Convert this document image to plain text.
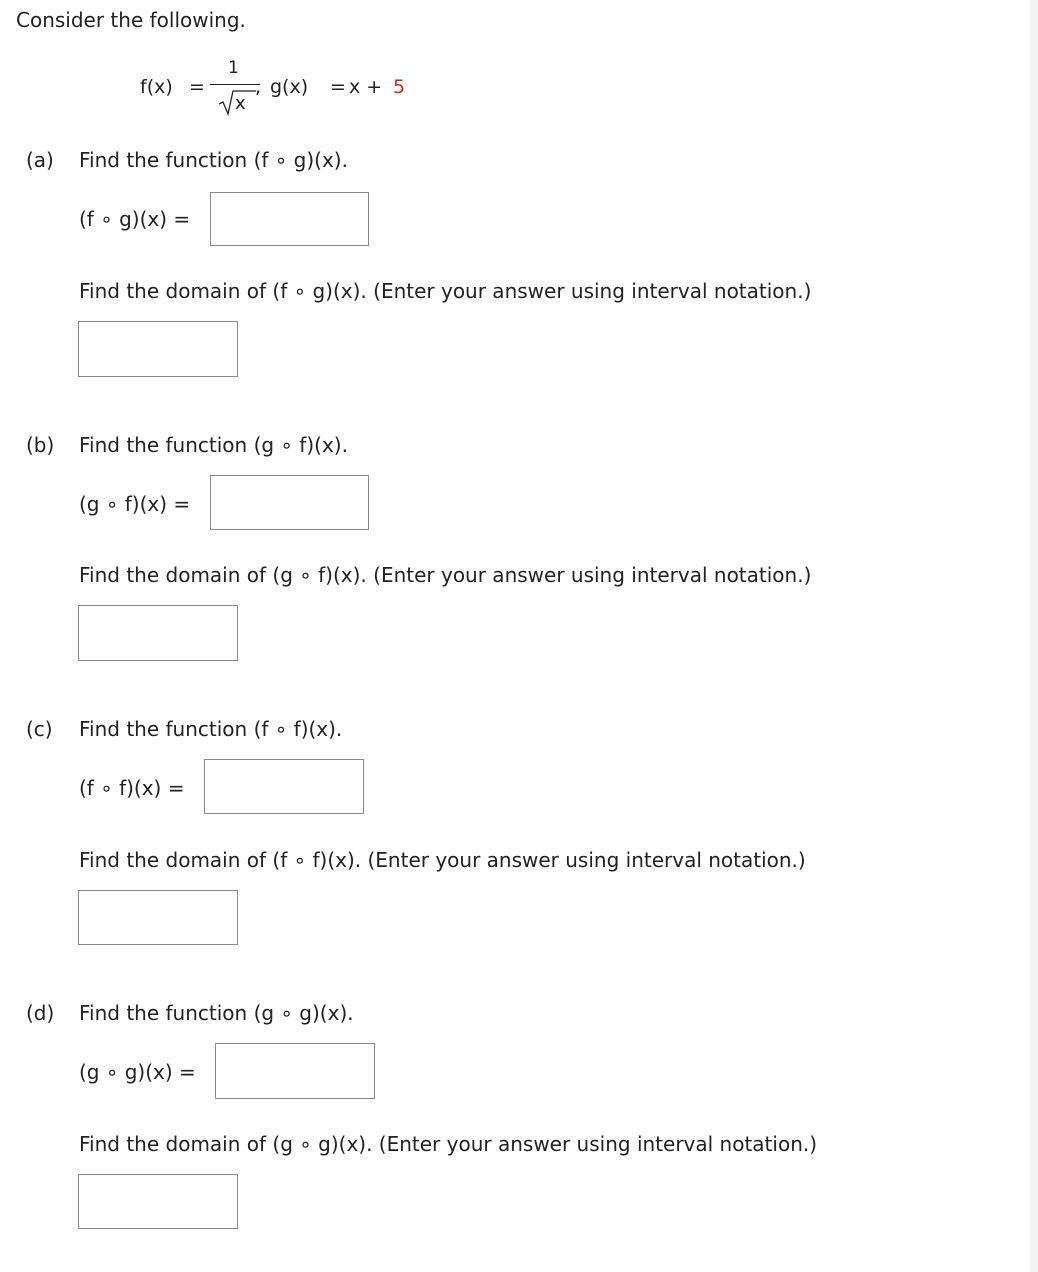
Consider the following.
f(x) =
1
x
, g(x) = x + 5
(a) Find the function (f ∘ g)(x).
(f ∘ g)(x) =
Find the domain of (f ∘ g)(x). (Enter your answer using interval notation.)
(b) Find the function (g ∘ f)(x).
(g ∘ f)(x) =
Find the domain of (g ∘ f)(x). (Enter your answer using interval notation.)
(c) Find the function (f ∘ f)(x).
(f ∘ f)(x) =
Find the domain of (f ∘ f)(x). (Enter your answer using interval notation.)
(d) Find the function (g ∘ g)(x).
(g ∘ g)(x) =
Find the domain of (g ∘ g)(x). (Enter your answer using interval notation.)
